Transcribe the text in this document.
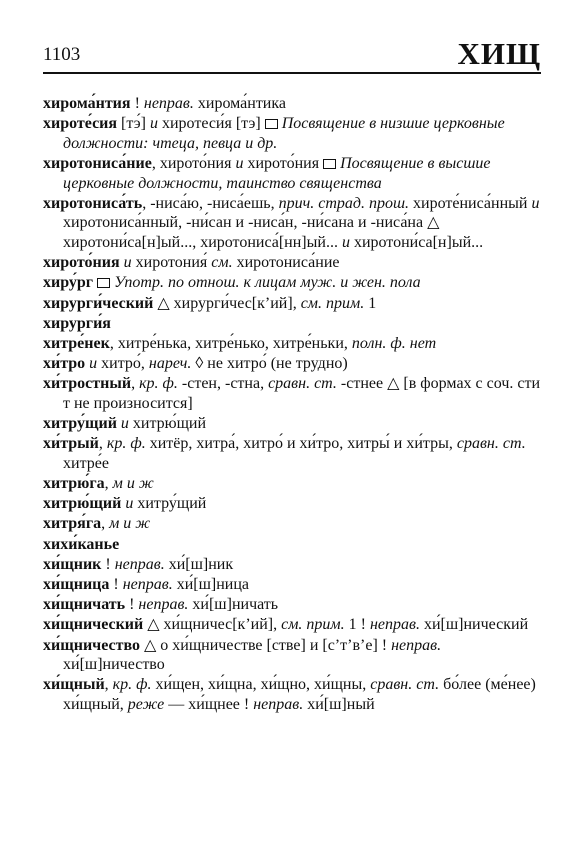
1103	ХИЩ
хирома́нтия ! неправ. хирома́нтика
хироте́сия [тэ́] и хиротеси́я [тэ]  Посвящение в низшие церковные должности: чтеца, певца и др.
хиротониса́ние, хирото́ния и хирото́ния  Посвящение в высшие церковные должности, таинство священства
хиротониса́ть, -ниса́ю, -ниса́ешь, прич. страд. прош. хироте́ниса́нный и хиротониса́нный, -ни́сан и -ниса́н, -ни́сана и -ниса́на △ хиротони́са[н]ый..., хиротониса́[нн]ый... и хиротони́са[н]ый...
хирото́ния и хиротония́ см. хиротониса́ние
хиру́рг Употр. по отнош. к лицам муж. и жен. пола
хирурги́ческий △ хирурги́чес[кʼий], см. прим. 1
хирурги́я
хитре́нек, хитре́нька, хитре́нько, хитре́ньки, полн. ф. нет
хи́тро и хитро́, нареч. ◊ не хитро́ (не трудно)
хи́тростный, кр. ф. -стен, -стна, сравн. ст. -стнее △ [в формах с соч. сти т не произносится]
хитру́щий и хитрю́щий
хи́трый, кр. ф. хитёр, хитра́, хитро́ и хи́тро, хитры́ и хи́тры, сравн. ст. хитре́е
хитрю́га, м и ж
хитрю́щий и хитру́щий
хитря́га, м и ж
хихи́канье
хи́щник ! неправ. хи́[ш]ник
хи́щница ! неправ. хи́[ш]ница
хи́щничать ! неправ. хи́[ш]ничать
хи́щнический △ хи́щничес[кʼий], см. прим. 1 ! неправ. хи́[ш]нический
хи́щничество △ о хи́щничестве [стве] и [сʼтʼвʼе] ! неправ. хи́[ш]ничество
хи́щный, кр. ф. хи́щен, хи́щна, хи́щно, хи́щны, сравн. ст. бо́лее (ме́нее) хи́щный, реже — хи́щнее ! неправ. хи́[ш]ный
